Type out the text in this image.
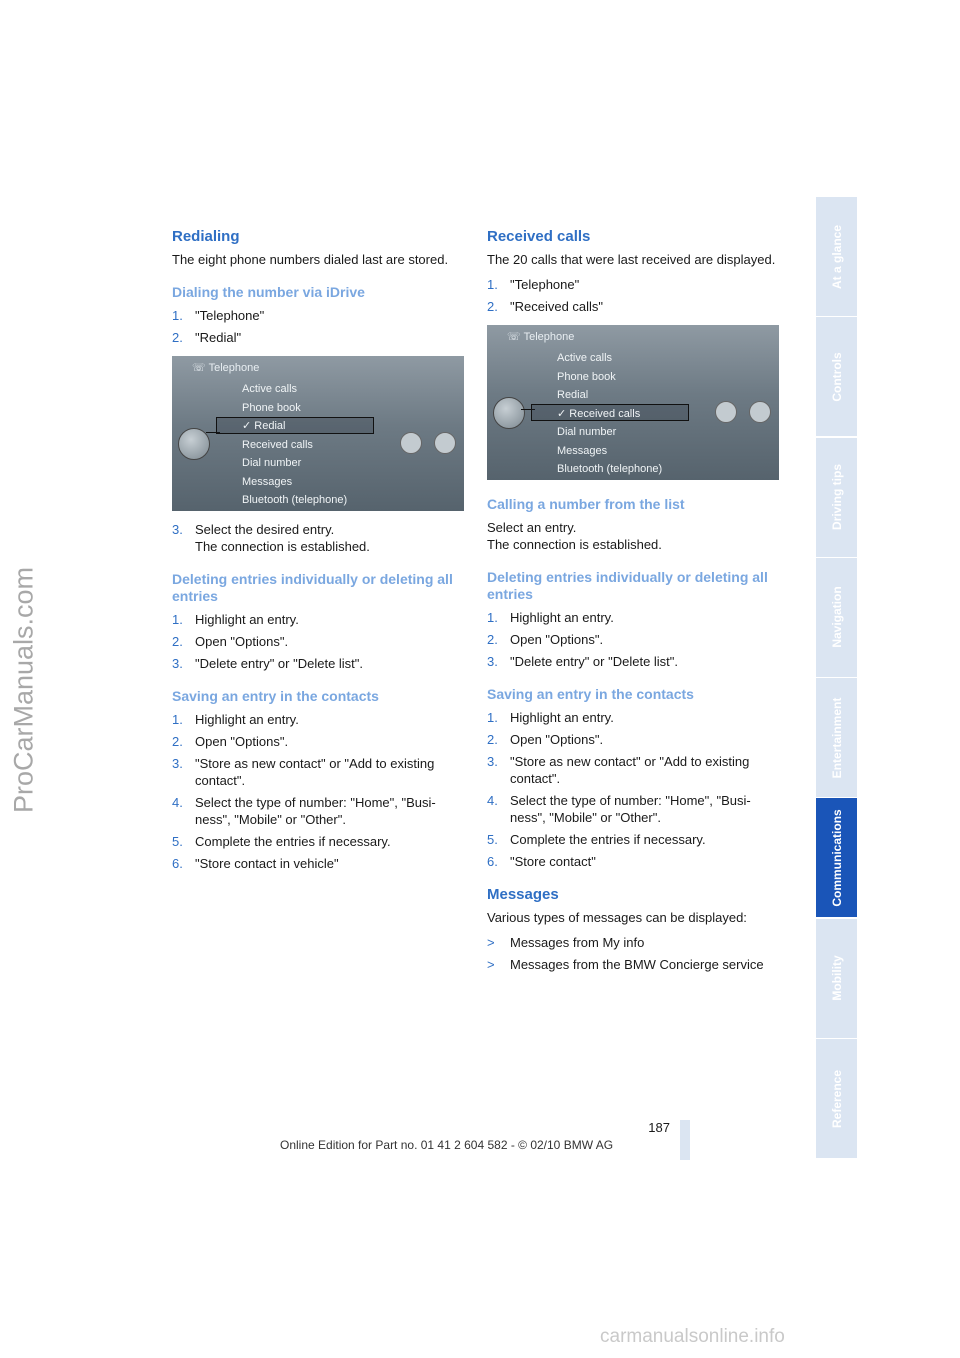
ProCarManuals.com
Redialing

The eight phone numbers dialed last are stored.

Dialing the number via iDrive
1. "Telephone"
2. "Redial"
☏ Telephone
Active calls
Phone book
✓ Redial
Received calls
Dial number
Messages
Bluetooth (telephone)
3. Select the desired entry.
The connection is established.
Deleting entries individually or deleting all entries
1. Highlight an entry.
2. Open "Options".
3. "Delete entry" or "Delete list".
Saving an entry in the contacts
1. Highlight an entry.
2. Open "Options".
3. "Store as new contact" or "Add to existing contact".
4. Select the type of number: "Home", "Busi-ness", "Mobile" or "Other".
5. Complete the entries if necessary.
6. "Store contact in vehicle"
Received calls

The 20 calls that were last received are displayed.

1. "Telephone"
2. "Received calls"
☏ Telephone
Active calls
Phone book
Redial
✓ Received calls
Dial number
Messages
Bluetooth (telephone)
Calling a number from the list

Select an entry.
The connection is established.

Deleting entries individually or deleting all entries
1. Highlight an entry.
2. Open "Options".
3. "Delete entry" or "Delete list".
Saving an entry in the contacts
1. Highlight an entry.
2. Open "Options".
3. "Store as new contact" or "Add to existing contact".
4. Select the type of number: "Home", "Busi-ness", "Mobile" or "Other".
5. Complete the entries if necessary.
6. "Store contact"
Messages

Various types of messages can be displayed:

>	Messages from My info
>	Messages from the BMW Concierge service
At a glance
Controls
Driving tips
Navigation
Entertainment
Communications
Mobility
Reference
187
Online Edition for Part no. 01 41 2 604 582 - © 02/10 BMW AG
carmanualsonline.info
